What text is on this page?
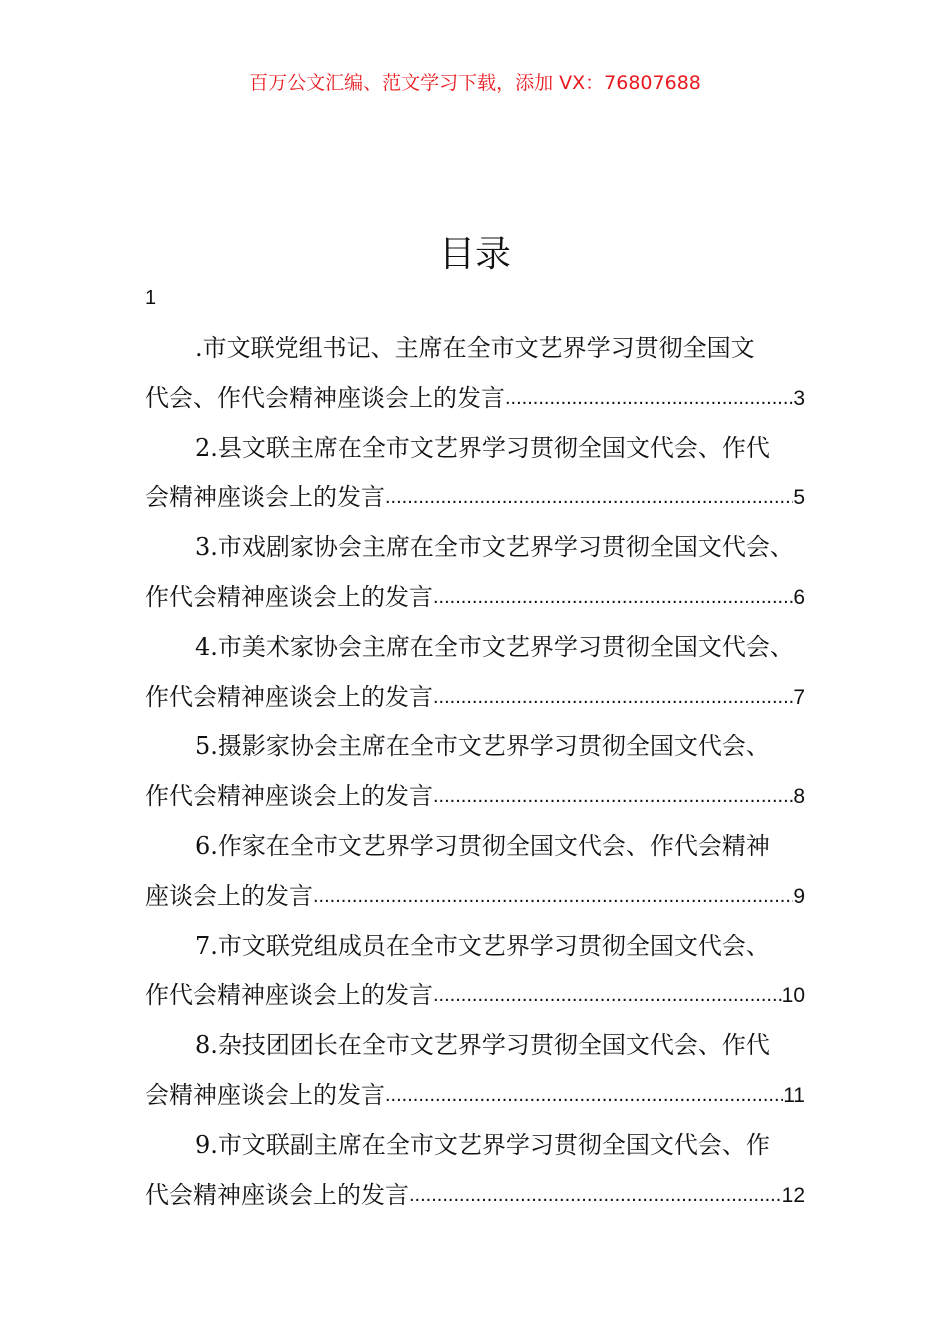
百万公文汇编、范文学习下载，添加 VX：76807688
目录
1
.市文联党组书记、主席在全市文艺界学习贯彻全国文
代会、作代会精神座谈会上的发言 .....	3
2.县文联主席在全市文艺界学习贯彻全国文代会、作代
会精神座谈会上的发言 .....	5
3.市戏剧家协会主席在全市文艺界学习贯彻全国文代会、
作代会精神座谈会上的发言 .....	6
4.市美术家协会主席在全市文艺界学习贯彻全国文代会、
作代会精神座谈会上的发言 .....	7
5.摄影家协会主席在全市文艺界学习贯彻全国文代会、
作代会精神座谈会上的发言 .....	8
6.作家在全市文艺界学习贯彻全国文代会、作代会精神
座谈会上的发言 .....	9
7.市文联党组成员在全市文艺界学习贯彻全国文代会、
作代会精神座谈会上的发言 .....	10
8.杂技团团长在全市文艺界学习贯彻全国文代会、作代
会精神座谈会上的发言 .....	11
9.市文联副主席在全市文艺界学习贯彻全国文代会、作
代会精神座谈会上的发言 .....	12
